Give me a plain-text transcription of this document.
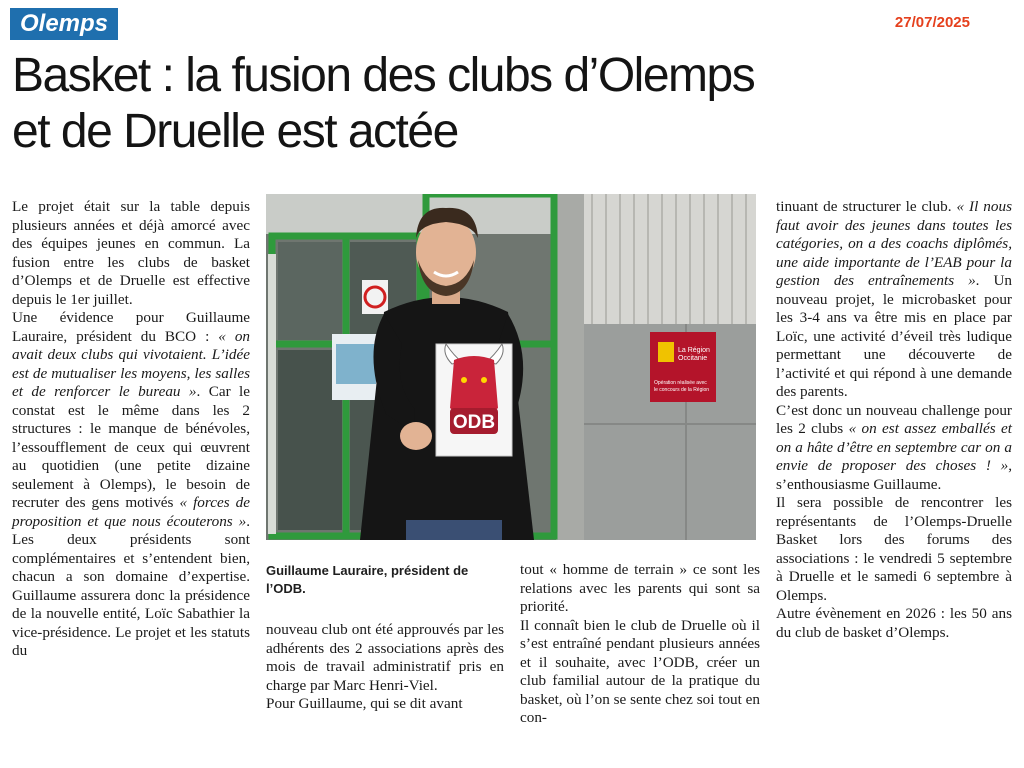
Olemps	27/07/2025
Basket : la fusion des clubs d’Olemps
et de Druelle est actée

Le projet était sur la table depuis plusieurs années et déjà amorcé avec des équipes jeunes en commun. La fusion entre les clubs de basket d’Olemps et de Druelle est effective depuis le 1er juillet.

Une évidence pour Guillaume Lauraire, président du BCO : « on avait deux clubs qui vivotaient. L’idée est de mutualiser les moyens, les salles et de renforcer le bureau ». Car le constat est le même dans les 2 structures : le manque de bénévoles, l’essoufflement de ceux qui œuvrent au quotidien (une petite dizaine seulement à Olemps), le besoin de recruter des gens motivés « forces de proposition et que nous écouterons ». Les deux présidents sont complémentaires et s’entendent bien, chacun a son domaine d’expertise. Guillaume assurera donc la présidence de la nouvelle entité, Loïc Sabathier la vice-présidence. Le projet et les statuts du

La Région
Occitanie
Opération réalisée avec
le concours de la Région
ODB
Guillaume Lauraire, président de l’ODB.

nouveau club ont été approuvés par les adhérents des 2 associations après des mois de travail administratif pris en charge par Marc Henri-Viel.

Pour Guillaume, qui se dit avant

tout « homme de terrain » ce sont les relations avec les parents qui sont sa priorité.

Il connaît bien le club de Druelle où il s’est entraîné pendant plusieurs années et il souhaite, avec l’ODB, créer un club familial autour de la pratique du basket, où l’on se sente chez soi tout en con-

tinuant de structurer le club. « Il nous faut avoir des jeunes dans toutes les catégories, on a des coachs diplômés, une aide importante de l’EAB pour la gestion des entraînements ». Un nouveau projet, le microbasket pour les 3-4 ans va être mis en place par Loïc, une activité d’éveil très ludique permettant une découverte de l’activité et qui répond à une demande des parents.

C’est donc un nouveau challenge pour les 2 clubs « on est assez emballés et on a hâte d’être en septembre car on a envie de proposer des choses ! », s’enthousiasme Guillaume.

Il sera possible de rencontrer les représentants de l’Olemps-Druelle Basket lors des forums des associations : le vendredi 5 septembre à Druelle et le samedi 6 septembre à Olemps.

Autre évènement en 2026 : les 50 ans du club de basket d’Olemps.
